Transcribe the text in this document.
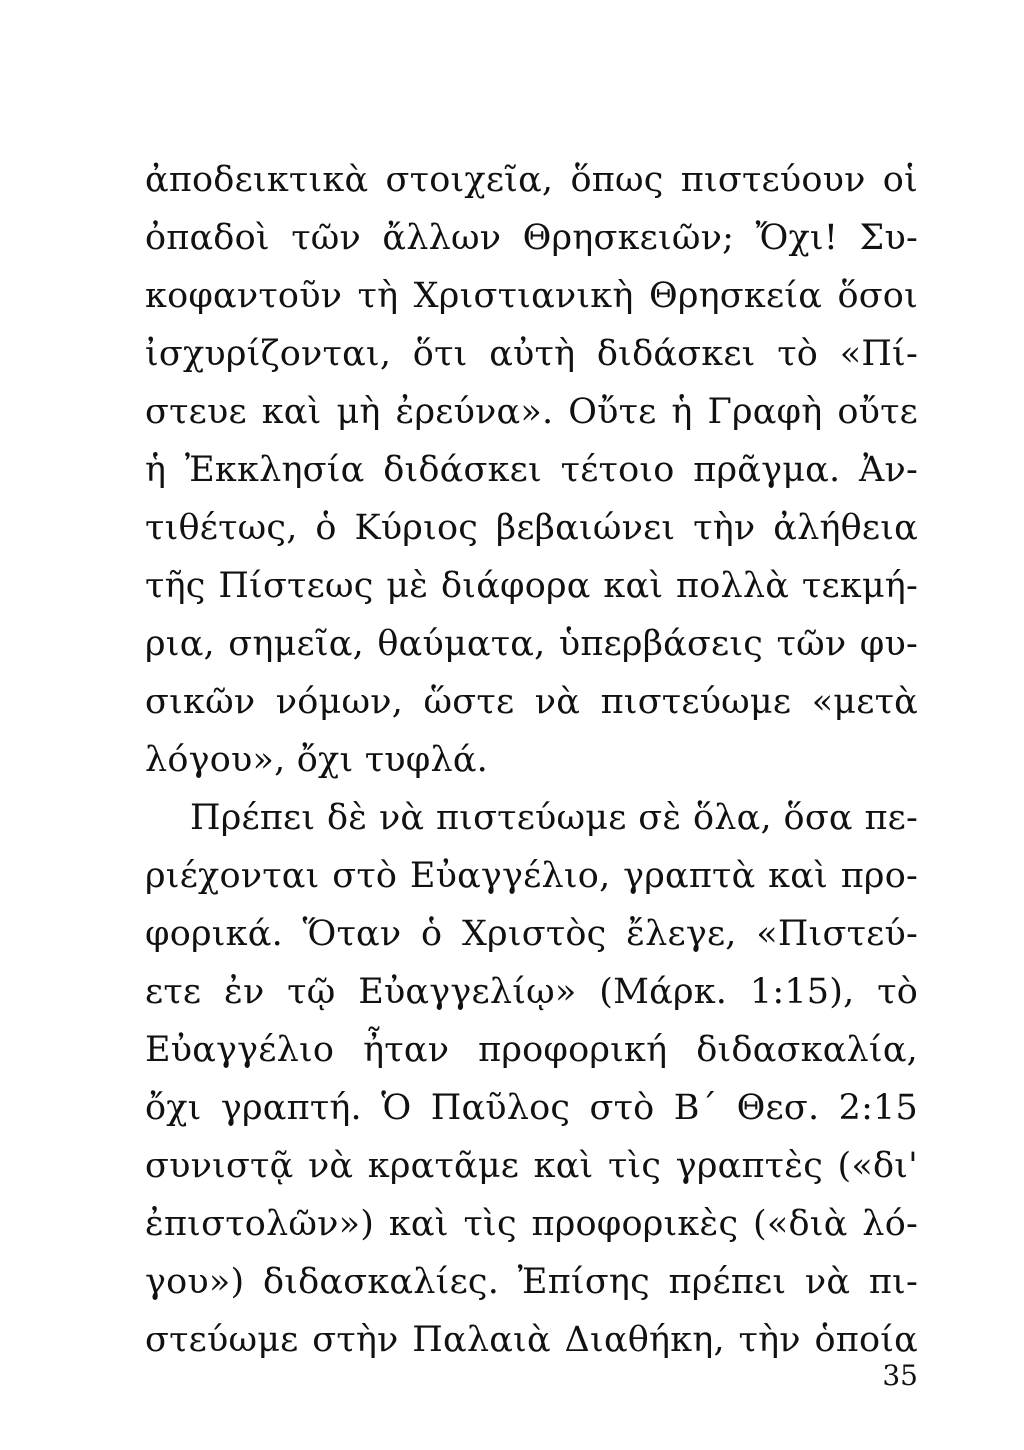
ἀποδεικτικὰ στοιχεῖα, ὅπως πιστεύουν οἱ
ὀπαδοὶ τῶν ἄλλων Θρησκειῶν; Ὄχι! Συ-
κοφαντοῦν τὴ Χριστιανικὴ Θρησκεία ὅσοι
ἰσχυρίζονται, ὅτι αὐτὴ διδάσκει τὸ «Πί-
στευε καὶ μὴ ἐρεύνα». Οὔτε ἡ Γραφὴ οὔτε
ἡ Ἐκκλησία διδάσκει τέτοιο πρᾶγμα. Ἀν-
τιθέτως, ὁ Κύριος βεβαιώνει τὴν ἀλήθεια
τῆς Πίστεως μὲ διάφορα καὶ πολλὰ τεκμή-
ρια, σημεῖα, θαύματα, ὑπερβάσεις τῶν φυ-
σικῶν νόμων, ὥστε νὰ πιστεύωμε «μετὰ
λόγου», ὄχι τυφλά.
Πρέπει δὲ νὰ πιστεύωμε σὲ ὅλα, ὅσα πε-
ριέχονται στὸ Εὐαγγέλιο, γραπτὰ καὶ προ-
φορικά. Ὅταν ὁ Χριστὸς ἔλεγε, «Πιστεύ-
ετε ἐν τῷ Εὐαγγελίῳ» (Μάρκ. 1:15), τὸ
Εὐαγγέλιο ἦταν προφορική διδασκαλία,
ὄχι γραπτή. Ὁ Παῦλος στὸ Β΄ Θεσ. 2:15
συνιστᾷ νὰ κρατᾶμε καὶ τὶς γραπτὲς («δι'
ἐπιστολῶν») καὶ τὶς προφορικὲς («διὰ λό-
γου») διδασκαλίες. Ἐπίσης πρέπει νὰ πι-
στεύωμε στὴν Παλαιὰ Διαθήκη, τὴν ὁποία
35
